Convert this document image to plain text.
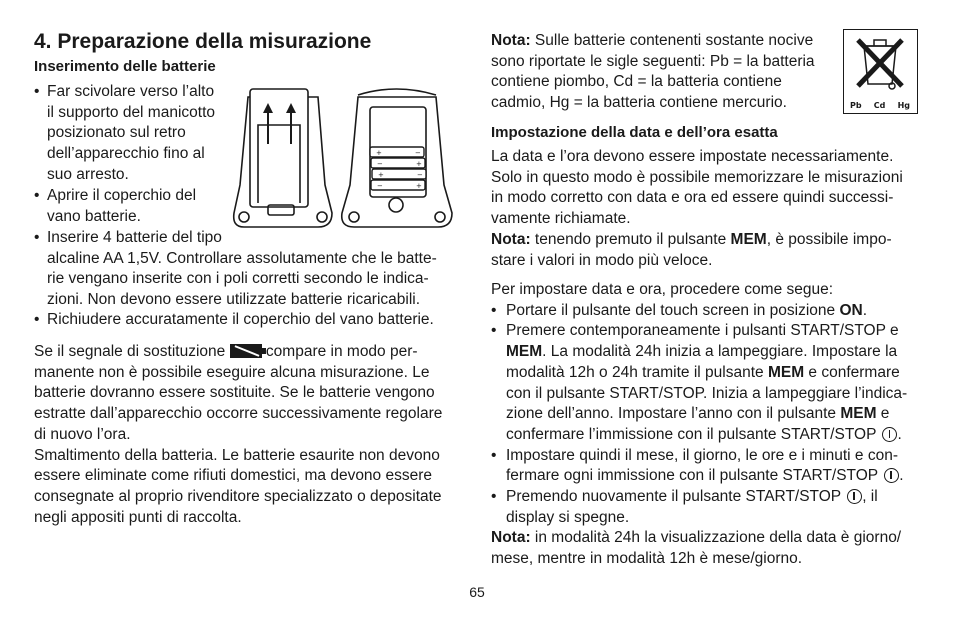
4. Preparazione della misurazione
Inserimento delle batterie
• Far scivolare verso l’alto
il supporto del manicotto
posizionato sul retro
dell’apparecchio fino al
suo arresto.
• Aprire il coperchio del
vano batterie.
• Inserire 4 batterie del tipo
alcaline AA 1,5V. Controllare assolutamente che le batte-
rie vengano inserite con i poli corretti secondo le indica-
zioni. Non devono essere utilizzate batterie ricaricabili.
• Richiudere accuratamente il coperchio del vano batterie.
Se il segnale di sostituzione	compare in modo per-
manente non è possibile eseguire alcuna misurazione. Le
batterie dovranno essere sostituite. Se le batterie vengono
estratte dall’apparecchio occorre successivamente regolare
di nuovo l’ora.
Smaltimento della batteria. Le batterie esaurite non devono
essere eliminate come rifiuti domestici, ma devono essere
consegnate al proprio rivenditore specializzato o depositate
negli appositi punti di raccolta.
+	−
−	+
+	−
−	+
Nota: Sulle batterie contenenti sostante nocive
sono riportate le sigle seguenti: Pb = la batteria
contiene piombo, Cd = la batteria contiene
cadmio, Hg = la batteria contiene mercurio.	Pb Cd Hg
Impostazione della data e dell’ora esatta
La data e l’ora devono essere impostate necessariamente.
Solo in questo modo è possibile memorizzare le misurazioni
in modo corretto con data e ora ed essere quindi successi-
vamente richiamate.
Nota: tenendo premuto il pulsante MEM, è possibile impo-
stare i valori in modo più veloce.
Per impostare data e ora, procedere come segue:
• Portare il pulsante del touch screen in posizione ON.
• Premere contemporaneamente i pulsanti START/STOP e
MEM. La modalità 24h inizia a lampeggiare. Impostare la
modalità 12h o 24h tramite il pulsante MEM e confermare
con il pulsante START/STOP. Inizia a lampeggiare l’indica-
zione dell’anno. Impostare l’anno con il pulsante MEM e
confermare l’immissione con il pulsante START/STOP .
• Impostare quindi il mese, il giorno, le ore e i minuti e con-
fermare ogni immissione con il pulsante START/STOP .
• Premendo nuovamente il pulsante START/STOP , il
display si spegne.
Nota: in modalità 24h la visualizzazione della data è giorno/
mese, mentre in modalità 12h è mese/giorno.
65
